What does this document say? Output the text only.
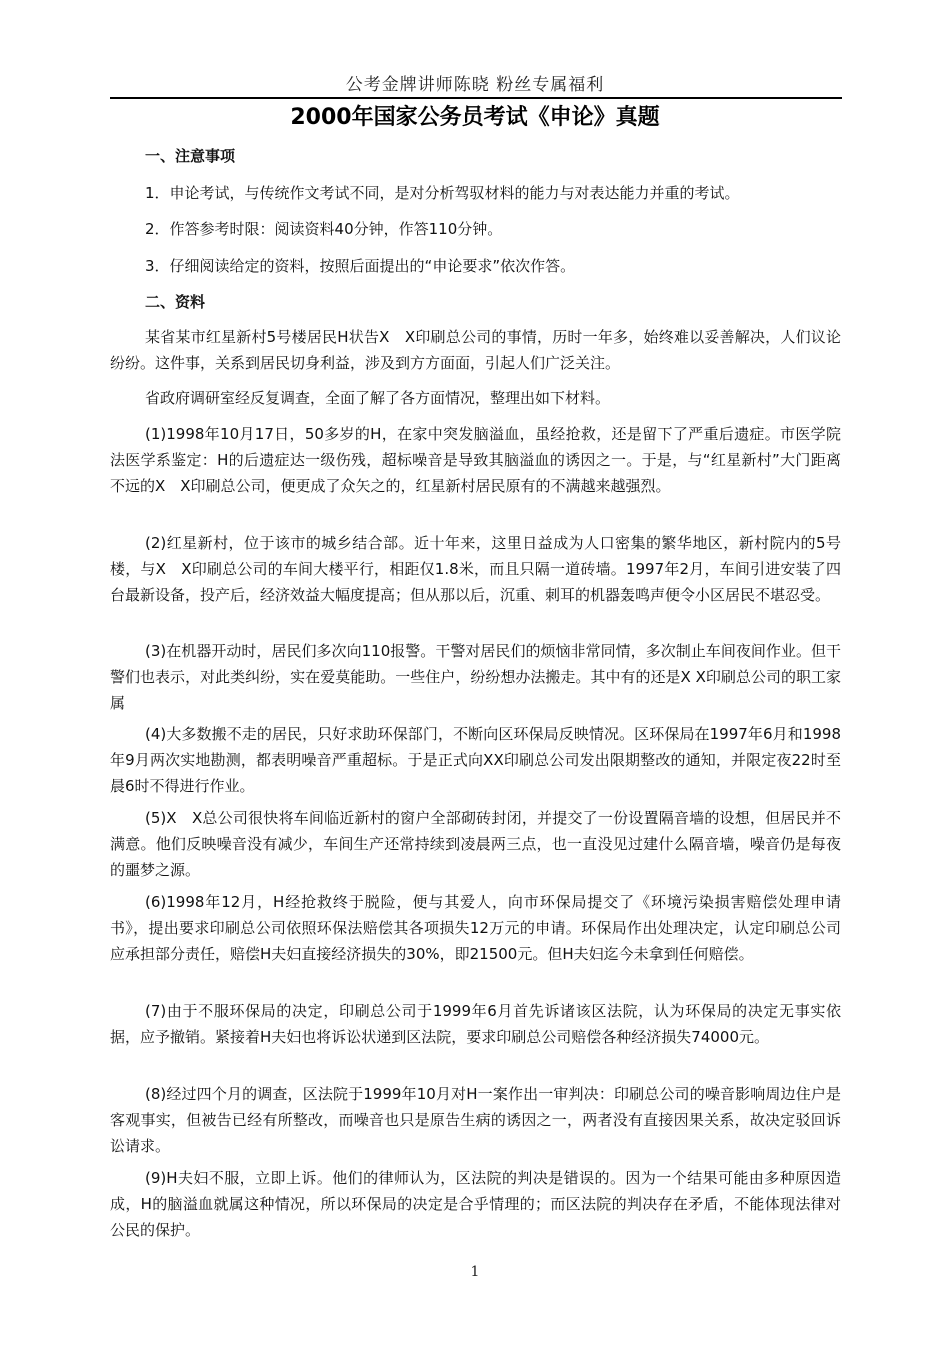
公考金牌讲师陈晓 粉丝专属福利
2000年国家公务员考试《申论》真题
一、注意事项
1．申论考试，与传统作文考试不同，是对分析驾驭材料的能力与对表达能力并重的考试。
2．作答参考时限：阅读资料40分钟，作答110分钟。
3．仔细阅读给定的资料，按照后面提出的“申论要求”依次作答。
二、资料

某省某市红星新村5号楼居民H状告X　X印刷总公司的事情，历时一年多，始终难以妥善解决，人们议论纷纷。这件事，关系到居民切身利益，涉及到方方面面，引起人们广泛关注。

省政府调研室经反复调查，全面了解了各方面情况，整理出如下材料。

(1)1998年10月17日，50多岁的H，在家中突发脑溢血，虽经抢救，还是留下了严重后遗症。市医学院法医学系鉴定：H的后遗症达一级伤残，超标噪音是导致其脑溢血的诱因之一。于是，与“红星新村”大门距离不远的X　X印刷总公司，便更成了众矢之的，红星新村居民原有的不满越来越强烈。

(2)红星新村，位于该市的城乡结合部。近十年来，这里日益成为人口密集的繁华地区，新村院内的5号楼，与X　X印刷总公司的车间大楼平行，相距仅1.8米，而且只隔一道砖墙。1997年2月，车间引进安装了四台最新设备，投产后，经济效益大幅度提高；但从那以后，沉重、刺耳的机器轰鸣声便令小区居民不堪忍受。

(3)在机器开动时，居民们多次向110报警。干警对居民们的烦恼非常同情，多次制止车间夜间作业。但干警们也表示，对此类纠纷，实在爱莫能助。一些住户，纷纷想办法搬走。其中有的还是X X印刷总公司的职工家属

(4)大多数搬不走的居民，只好求助环保部门，不断向区环保局反映情况。区环保局在1997年6月和1998年9月两次实地勘测，都表明噪音严重超标。于是正式向XX印刷总公司发出限期整改的通知，并限定夜22时至晨6时不得进行作业。

(5)X　X总公司很快将车间临近新村的窗户全部砌砖封闭，并提交了一份设置隔音墙的设想，但居民并不满意。他们反映噪音没有减少，车间生产还常持续到凌晨两三点，也一直没见过建什么隔音墙，噪音仍是每夜的噩梦之源。

(6)1998年12月，H经抢救终于脱险，便与其爱人，向市环保局提交了《环境污染损害赔偿处理申请书》，提出要求印刷总公司依照环保法赔偿其各项损失12万元的申请。环保局作出处理决定，认定印刷总公司应承担部分责任，赔偿H夫妇直接经济损失的30%，即21500元。但H夫妇迄今未拿到任何赔偿。

(7)由于不服环保局的决定，印刷总公司于1999年6月首先诉诸该区法院，认为环保局的决定无事实依据，应予撤销。紧接着H夫妇也将诉讼状递到区法院，要求印刷总公司赔偿各种经济损失74000元。

(8)经过四个月的调查，区法院于1999年10月对H一案作出一审判决：印刷总公司的噪音影响周边住户是客观事实，但被告已经有所整改，而噪音也只是原告生病的诱因之一，两者没有直接因果关系，故决定驳回诉讼请求。

(9)H夫妇不服，立即上诉。他们的律师认为，区法院的判决是错误的。因为一个结果可能由多种原因造成，H的脑溢血就属这种情况，所以环保局的决定是合乎情理的；而区法院的判决存在矛盾，不能体现法律对公民的保护。

1
